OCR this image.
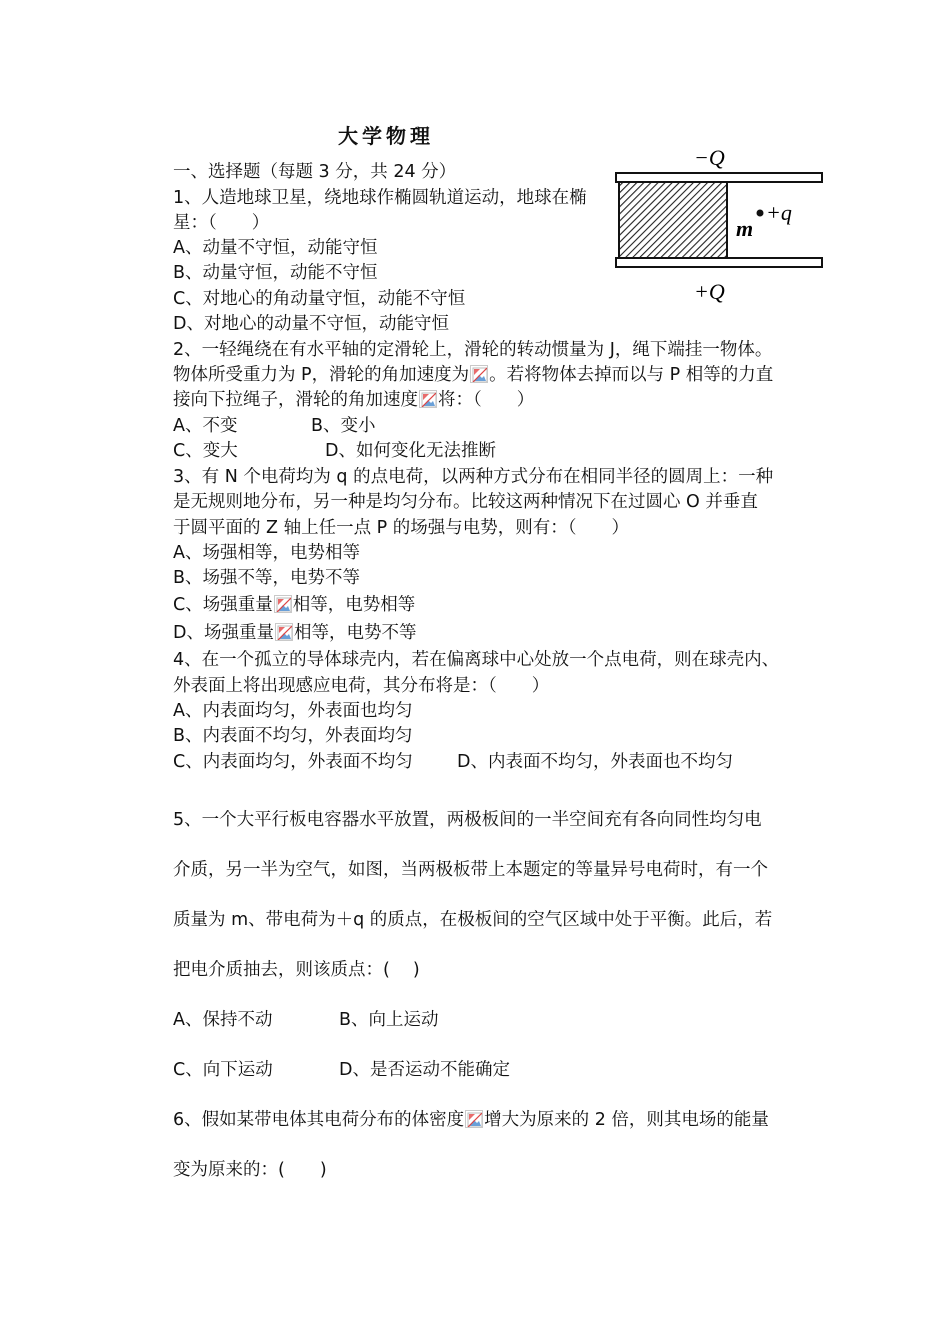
大学物理
一、选择题（每题 3 分，共 24 分）
1、人造地球卫星，绕地球作椭圆轨道运动，地球在椭
星：（　　）
A、动量不守恒，动能守恒
B、动量守恒，动能不守恒
C、对地心的角动量守恒，动能不守恒
D、对地心的动量不守恒，动能守恒
2、一轻绳绕在有水平轴的定滑轮上，滑轮的转动惯量为 J，绳下端挂一物体。
物体所受重力为 P，滑轮的角加速度为 。若将物体去掉而以与 P 相等的力直
接向下拉绳子，滑轮的角加速度 将：（　　）
A、不变	B、变小
C、变大	D、如何变化无法推断
3、有 N 个电荷均为 q 的点电荷，以两种方式分布在相同半径的圆周上：一种
是无规则地分布，另一种是均匀分布。比较这两种情况下在过圆心 O 并垂直
于圆平面的 Z 轴上任一点 P 的场强与电势，则有：（　　）
A、场强相等，电势相等
B、场强不等，电势不等
C、场强重量 相等，电势相等
D、场强重量 相等，电势不等
4、在一个孤立的导体球壳内，若在偏离球中心处放一个点电荷，则在球壳内、
外表面上将出现感应电荷，其分布将是：（　　）
A、内表面均匀，外表面也均匀
B、内表面不均匀，外表面均匀
C、内表面均匀，外表面不均匀	D、内表面不均匀，外表面也不均匀
5、一个大平行板电容器水平放置，两极板间的一半空间充有各向同性均匀电
介质，另一半为空气，如图，当两极板带上本题定的等量异号电荷时，有一个
质量为 m、带电荷为＋q 的质点，在极板间的空气区域中处于平衡。此后，若
把电介质抽去，则该质点：(　 )
A、保持不动	B、向上运动
C、向下运动	D、是否运动不能确定
6、假如某带电体其电荷分布的体密度 增大为原来的 2 倍，则其电场的能量
变为原来的：(　　)
−Q
m
+q
+Q
